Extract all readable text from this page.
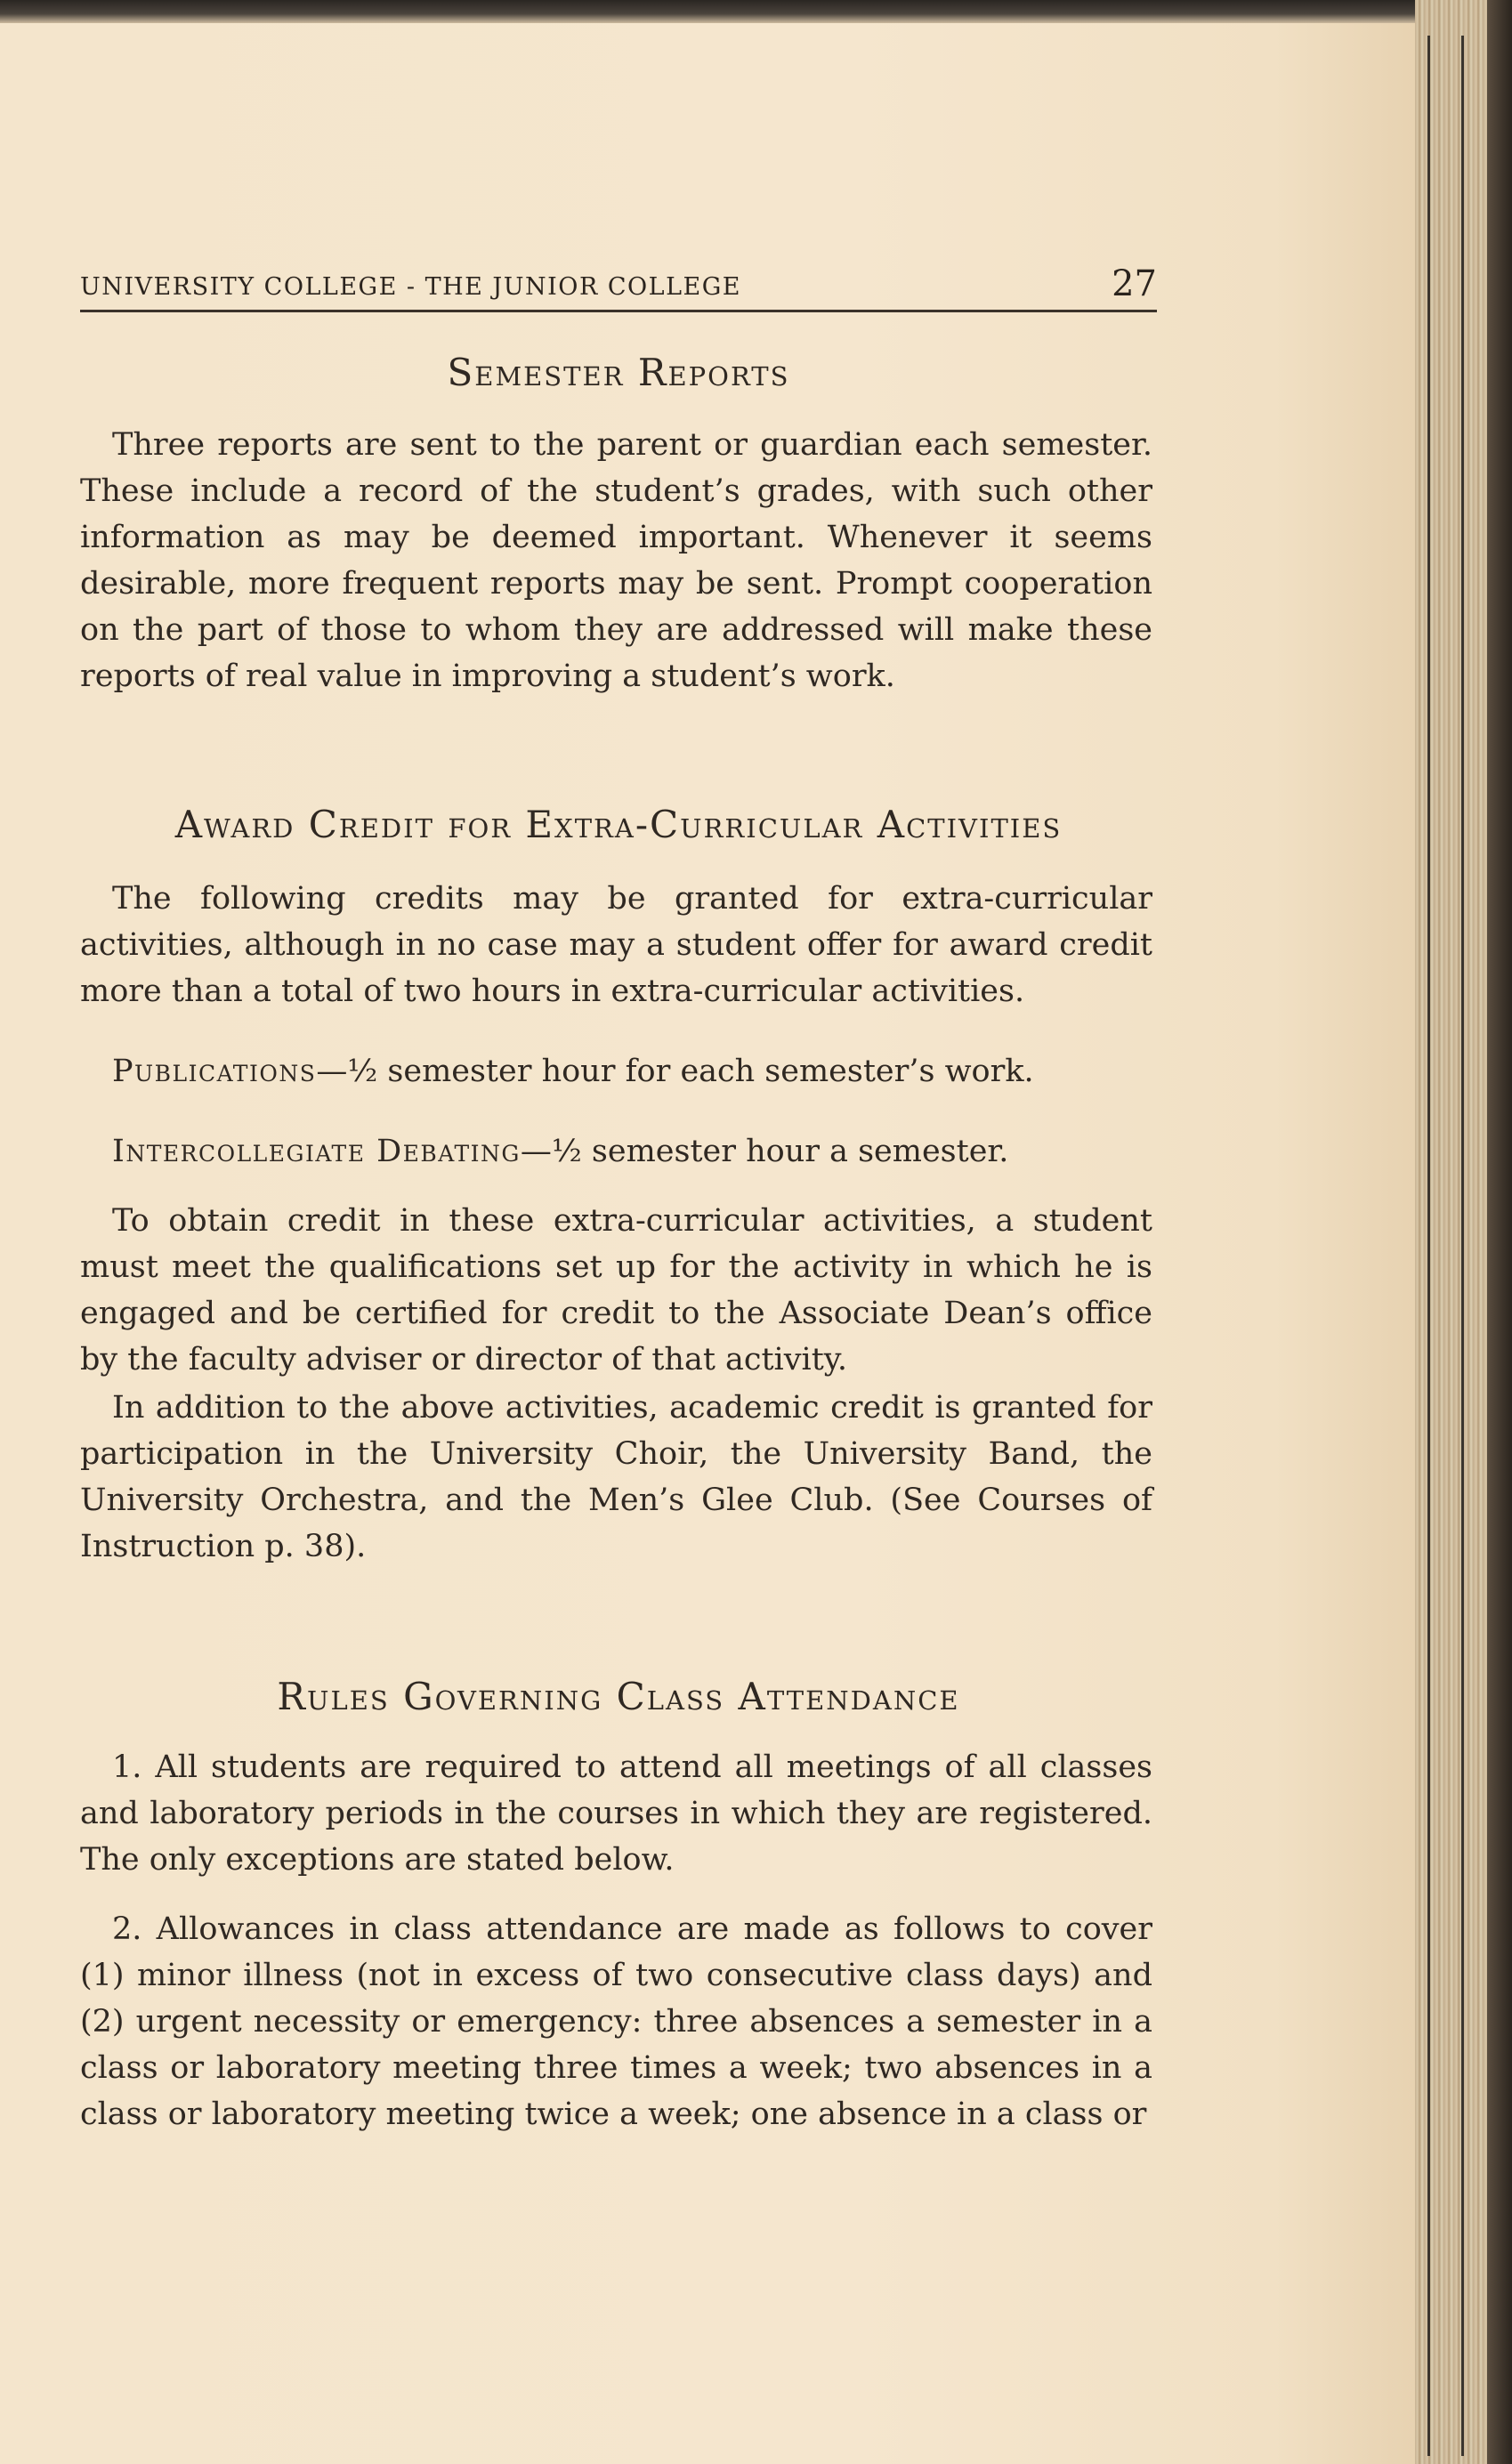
UNIVERSITY COLLEGE - THE JUNIOR COLLEGE	27
Semester Reports

Three reports are sent to the parent or guardian each semester. These include a record of the student’s grades, with such other information as may be deemed important. Whenever it seems desirable, more frequent reports may be sent. Prompt cooperation on the part of those to whom they are addressed will make these reports of real value in improving a student’s work.

Award Credit for Extra-Curricular Activities

The following credits may be granted for extra-curricular activities, although in no case may a student offer for award credit more than a total of two hours in extra-curricular activities.

Publications—½ semester hour for each semester’s work.

Intercollegiate Debating—½ semester hour a semester.

To obtain credit in these extra-curricular activities, a student must meet the qualifications set up for the activity in which he is engaged and be certified for credit to the Associate Dean’s office by the faculty adviser or director of that activity.

In addition to the above activities, academic credit is granted for participation in the University Choir, the University Band, the University Orchestra, and the Men’s Glee Club. (See Courses of Instruction p. 38).

Rules Governing Class Attendance

1. All students are required to attend all meetings of all classes and laboratory periods in the courses in which they are registered. The only exceptions are stated below.

2. Allowances in class attendance are made as follows to cover (1) minor illness (not in excess of two consecutive class days) and (2) urgent necessity or emergency: three absences a semester in a class or laboratory meeting three times a week; two absences in a class or laboratory meeting twice a week; one absence in a class or
